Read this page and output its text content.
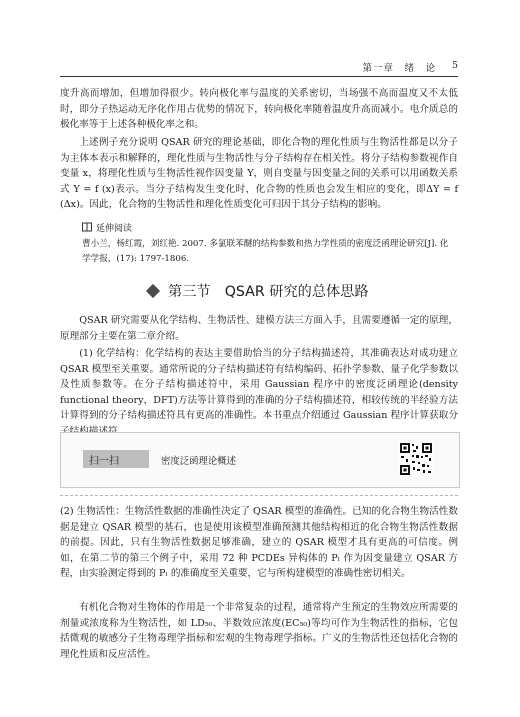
第一章　绪　论 5

度升高而增加，但增加得很少。转向极化率与温度的关系密切，当场强不高而温度又不太低时，即分子热运动无序化作用占优势的情况下，转向极化率随着温度升高而减小。电介质总的极化率等于上述各种极化率之和。

上述例子充分说明 QSAR 研究的理论基础，即化合物的理化性质与生物活性都是以分子为主体本表示和解释的，理化性质与生物活性与分子结构存在相关性。将分子结构参数视作自变量 x，将理化性质与生物活性视作因变量 Y，则自变量与因变量之间的关系可以用函数关系式 Y = f (x)表示。当分子结构发生变化时，化合物的性质也会发生相应的变化，即ΔY = f (Δx)。因此，化合物的生物活性和理化性质变化可归因于其分子结构的影响。

延伸阅读
曹小兰，杨红霞，刘红艳. 2007. 多氯联苯醚的结构参数和热力学性质的密度泛函理论研究[J]. 化学学报，(17): 1797-1806.
第三节　QSAR 研究的总体思路

QSAR 研究需要从化学结构、生物活性、建模方法三方面入手，且需要遵循一定的原理，原理部分主要在第二章介绍。

(1) 化学结构：化学结构的表达主要借助恰当的分子结构描述符，其准确表达对成功建立 QSAR 模型至关重要。通常所说的分子结构描述符有结构编码、拓扑学参数、量子化学参数以及性质参数等。在分子结构描述符中，采用 Gaussian 程序中的密度泛函理论(density functional theory，DFT)方法等计算得到的准确的分子结构描述符，相较传统的半经验方法计算得到的分子结构描述符具有更高的准确性。本书重点介绍通过 Gaussian 程序计算获取分

扫一扫	密度泛函理论概述

(2) 生物活性：生物活性数据的准确性决定了 QSAR 模型的准确性。已知的化合物生物活性数据是建立 QSAR 模型的基石，也是使用该模型准确预测其他结构相近的化合物生物活性数据的前提。因此，只有生物活性数据足够准确，建立的 QSAR 模型才具有更高的可信度。例如，在第二节的第三个例子中，采用 72 种 PCDEs 异构体的 Pₗ 作为因变量建立 QSAR 方程，由实验测定得到的 Pₗ 的准确度至关重要，它与所构建模型的准确性密切相关。

有机化合物对生物体的作用是一个非常复杂的过程，通常将产生预定的生物效应所需要的剂量或浓度称为生物活性，如 LD₅₀、半数效应浓度(EC₅₀)等均可作为生物活性的指标，它包括微观的敏感分子生物毒理学指标和宏观的生物毒理学指标。广义的生物活性还包括化合物的理化性质和反应活性。
